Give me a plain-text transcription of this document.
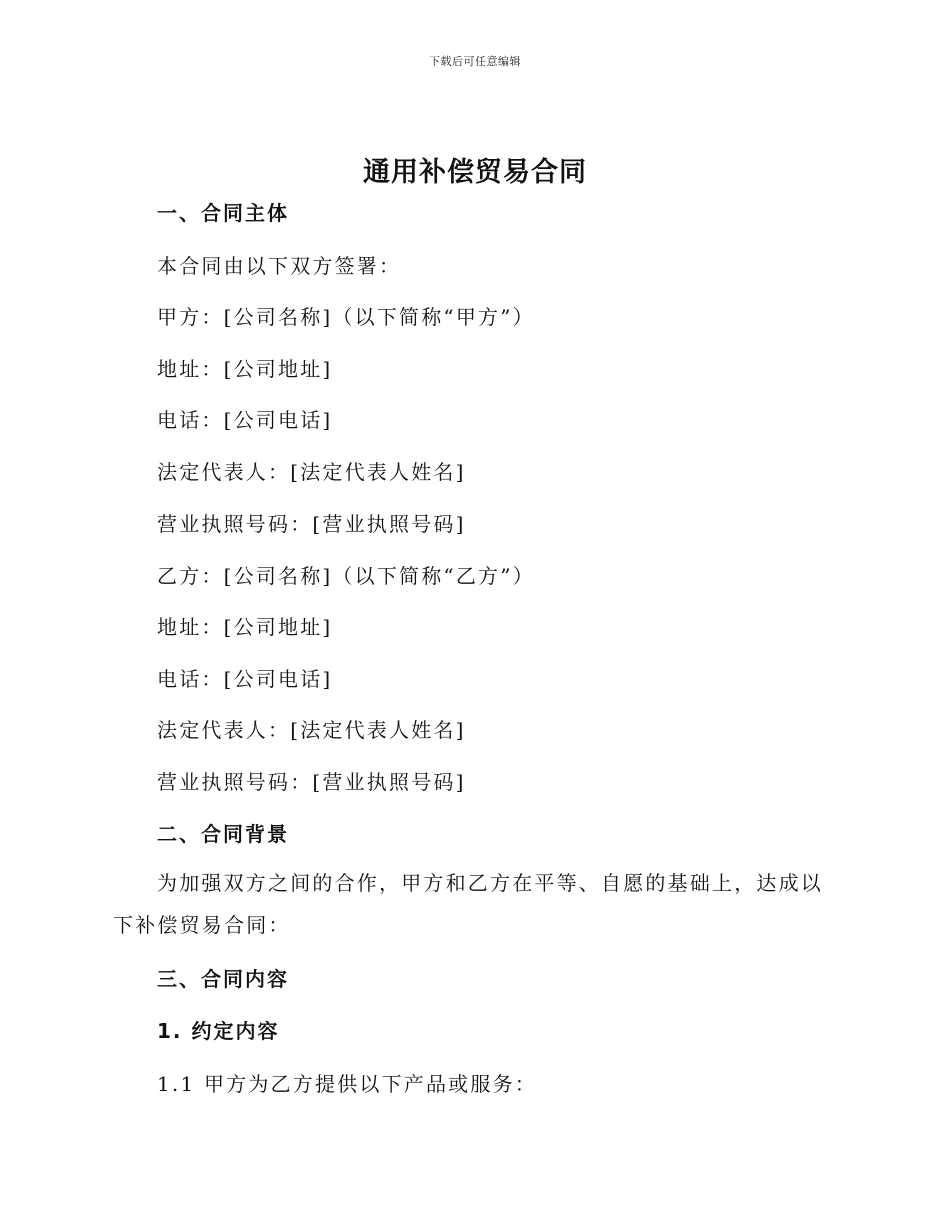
下载后可任意编辑
通用补偿贸易合同
一、合同主体
本合同由以下双方签署：
甲方：[公司名称]（以下简称“甲方”）
地址：[公司地址]
电话：[公司电话]
法定代表人：[法定代表人姓名]
营业执照号码：[营业执照号码]
乙方：[公司名称]（以下简称“乙方”）
地址：[公司地址]
电话：[公司电话]
法定代表人：[法定代表人姓名]
营业执照号码：[营业执照号码]
二、合同背景
为加强双方之间的合作，甲方和乙方在平等、自愿的基础上，达成以下补偿贸易合同：
三、合同内容
1. 约定内容
1.1 甲方为乙方提供以下产品或服务：
